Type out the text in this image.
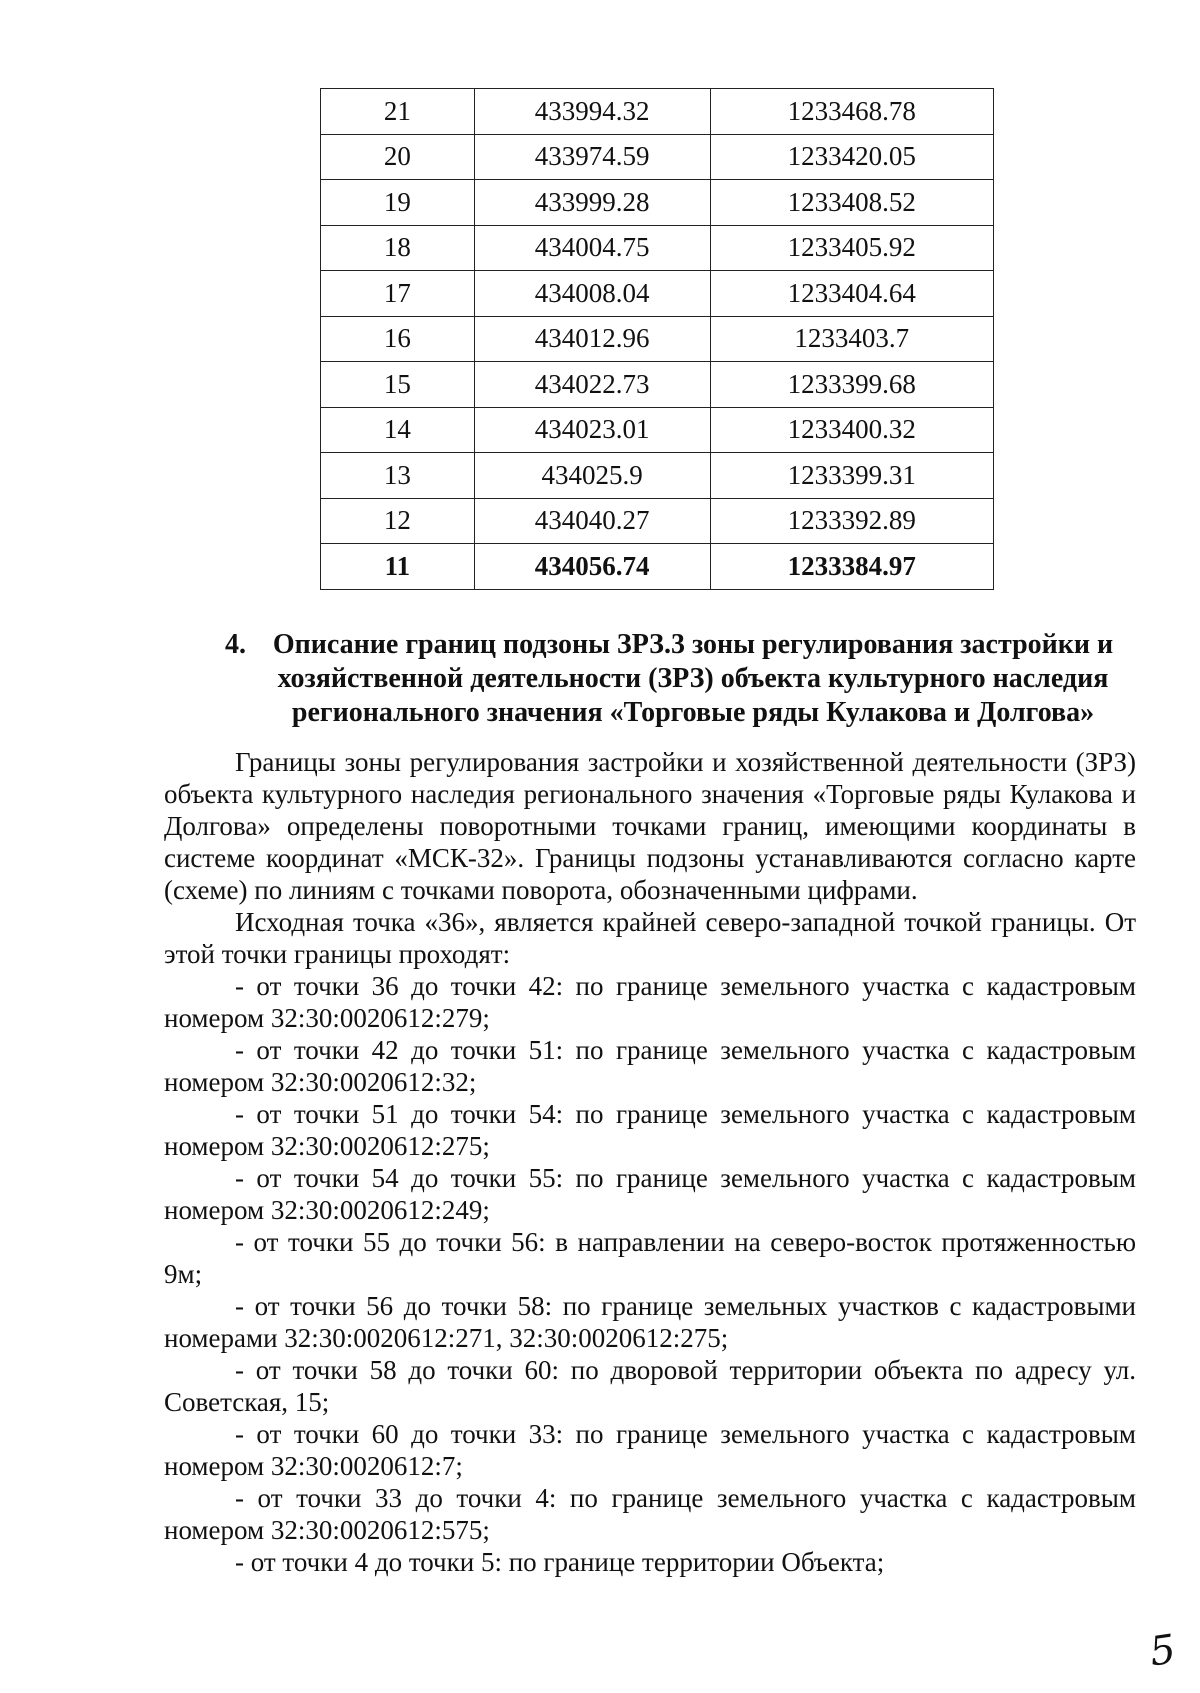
21	433994.32	1233468.78
20	433974.59	1233420.05
19	433999.28	1233408.52
18	434004.75	1233405.92
17	434008.04	1233404.64
16	434012.96	1233403.7
15	434022.73	1233399.68
14	434023.01	1233400.32
13	434025.9	1233399.31
12	434040.27	1233392.89
11	434056.74	1233384.97
4. Описание границ подзоны ЗРЗ.3 зоны регулирования застройки и хозяйственной деятельности (ЗРЗ) объекта культурного наследия регионального значения «Торговые ряды Кулакова и Долгова»

Границы зоны регулирования застройки и хозяйственной деятельности (ЗРЗ) объекта культурного наследия регионального значения «Торговые ряды Кулакова и Долгова» определены поворотными точками границ, имеющими координаты в системе координат «МСК-32». Границы подзоны устанавливаются согласно карте (схеме) по линиям с точками поворота, обозначенными цифрами.

Исходная точка «36», является крайней северо-западной точкой границы. От этой точки границы проходят:

- от точки 36 до точки 42: по границе земельного участка с кадастровым номером 32:30:0020612:279;

- от точки 42 до точки 51: по границе земельного участка с кадастровым номером 32:30:0020612:32;

- от точки 51 до точки 54: по границе земельного участка с кадастровым номером 32:30:0020612:275;

- от точки 54 до точки 55: по границе земельного участка с кадастровым номером 32:30:0020612:249;

- от точки 55 до точки 56: в направлении на северо-восток протяженностью 9м;

- от точки 56 до точки 58: по границе земельных участков с кадастровыми номерами 32:30:0020612:271, 32:30:0020612:275;

- от точки 58 до точки 60: по дворовой территории объекта по адресу ул. Советская, 15;

- от точки 60 до точки 33: по границе земельного участка с кадастровым номером 32:30:0020612:7;

- от точки 33 до точки 4: по границе земельного участка с кадастровым номером 32:30:0020612:575;

- от точки 4 до точки 5: по границе территории Объекта;

5
